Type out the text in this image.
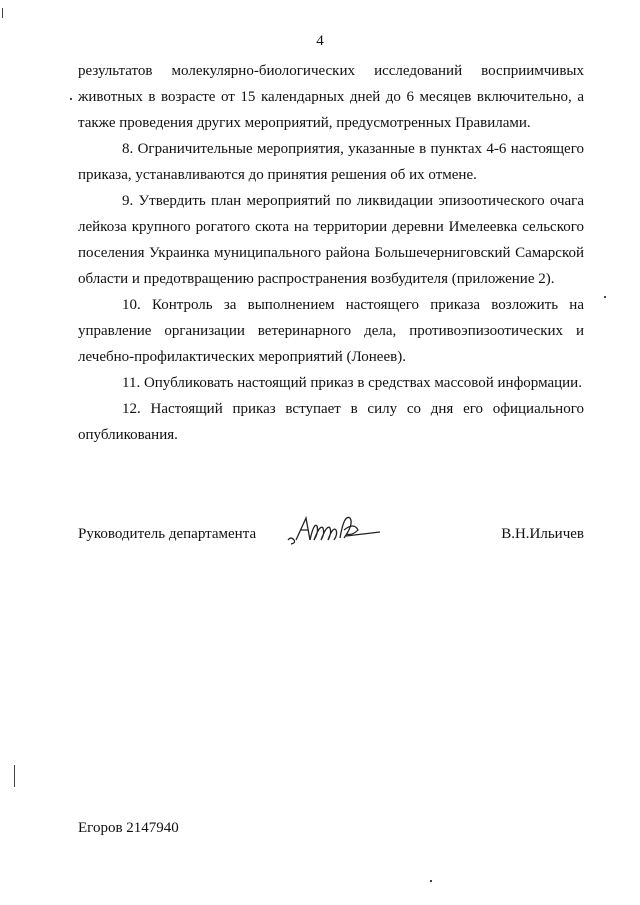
4

результатов молекулярно-биологических исследований восприимчивых животных в возрасте от 15 календарных дней до 6 месяцев включительно, а также проведения других мероприятий, предусмотренных Правилами.

8. Ограничительные мероприятия, указанные в пунктах 4-6 настоящего приказа, устанавливаются до принятия решения об их отмене.

9. Утвердить план мероприятий по ликвидации эпизоотического очага лейкоза крупного рогатого скота на территории деревни Имелеевка сельского поселения Украинка муниципального района Большечерниговский Самарской области и предотвращению распространения возбудителя (приложение 2).

10. Контроль за выполнением настоящего приказа возложить на управление организации ветеринарного дела, противоэпизоотических и лечебно-профилактических мероприятий (Лонеев).

11. Опубликовать настоящий приказ в средствах массовой информации.

12. Настоящий приказ вступает в силу со дня его официального опубликования.

Руководитель департамента	В.Н.Ильичев
Егоров 2147940
